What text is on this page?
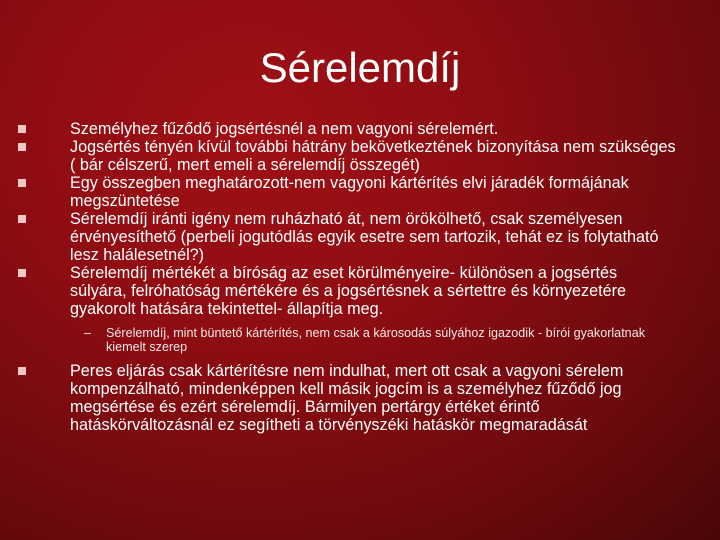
Sérelemdíj
Személyhez fűződő jogsértésnél a nem vagyoni sérelemért.
Jogsértés tényén kívül további hátrány bekövetkeztének bizonyítása nem szükséges ( bár célszerű, mert emeli a sérelemdíj összegét)
Egy összegben meghatározott-nem vagyoni kártérítés elvi járadék formájának megszüntetése
Sérelemdíj iránti igény nem ruházható át, nem örökölhető, csak személyesen érvényesíthető (perbeli jogutódlás egyik esetre sem tartozik, tehát ez is folytatható lesz halálesetnél?)
Sérelemdíj mértékét a bíróság az eset körülményeire- különösen a jogsértés súlyára, felróhatóság mértékére és a jogsértésnek a sértettre és környezetére gyakorolt hatására tekintettel- állapítja meg.
– Sérelemdíj, mint büntető kártérítés, nem csak a károsodás súlyához igazodik - bírói gyakorlatnak kiemelt szerep
Peres eljárás csak kártérítésre nem indulhat, mert ott csak a vagyoni sérelem kompenzálható, mindenképpen kell másik jogcím is a személyhez fűződő jog megsértése és ezért sérelemdíj. Bármilyen pertárgy értéket érintő hatáskörváltozásnál ez segítheti a törvényszéki hatáskör megmaradását
